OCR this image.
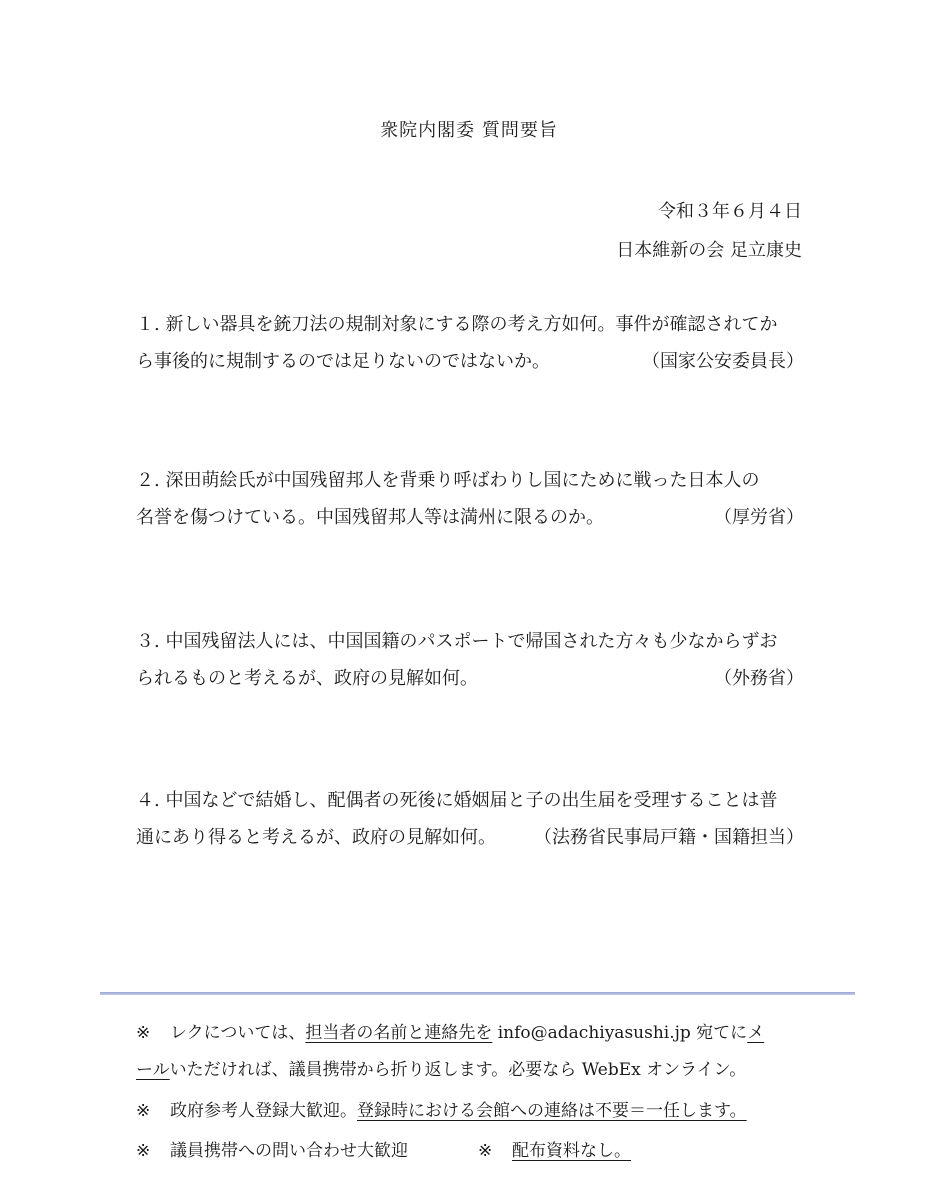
衆院内閣委 質問要旨
令和３年６月４日
日本維新の会 足立康史
１. 新しい器具を銃刀法の規制対象にする際の考え方如何。事件が確認されてか
ら事後的に規制するのでは足りないのではないか。	（国家公安委員長）
２. 深田萌絵氏が中国残留邦人を背乗り呼ばわりし国にために戦った日本人の
名誉を傷つけている。中国残留邦人等は満州に限るのか。	（厚労省）
３. 中国残留法人には、中国国籍のパスポートで帰国された方々も少なからずお
られるものと考えるが、政府の見解如何。	（外務省）
４. 中国などで結婚し、配偶者の死後に婚姻届と子の出生届を受理することは普
通にあり得ると考えるが、政府の見解如何。 （法務省民事局戸籍・国籍担当）
※ レクについては、担当者の名前と連絡先を info@adachiyasushi.jp 宛てにメ
ールいただければ、議員携帯から折り返します。必要なら WebEx オンライン。
※ 政府参考人登録大歓迎。登録時における会館への連絡は不要＝一任します。
※ 議員携帯への問い合わせ大歓迎	※ 配布資料なし。
